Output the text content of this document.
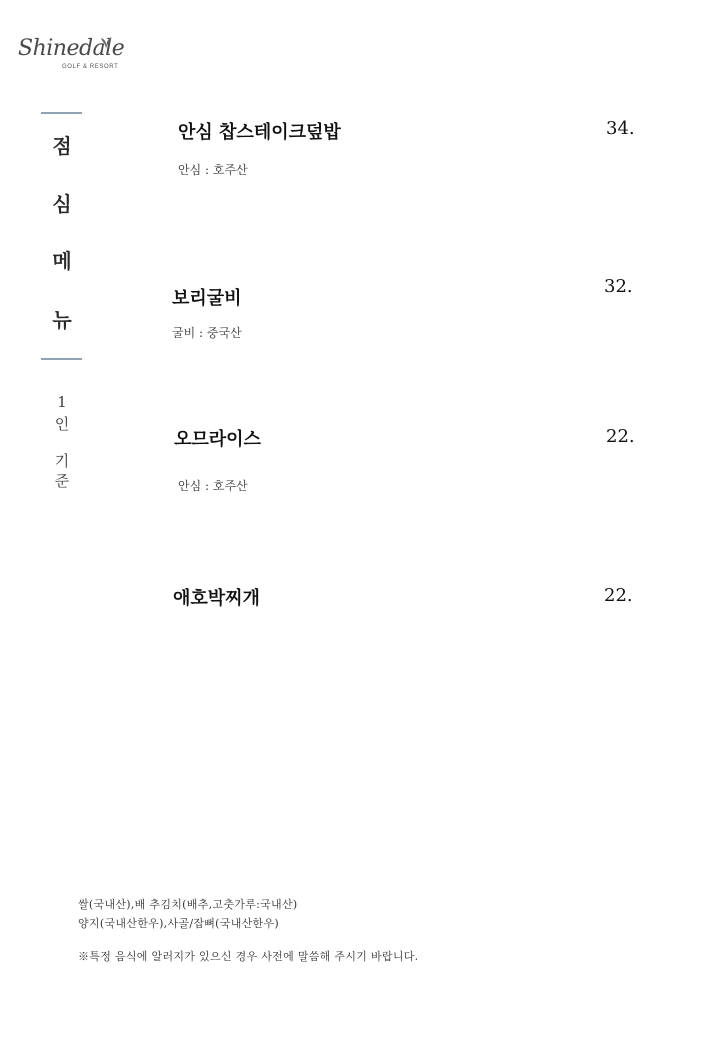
Shinedale
GOLF & RESORT
점
심
메
뉴
1
인
기
준
안심 찹스테이크덮밥
안심 : 호주산
34.
보리굴비
굴비 : 중국산
32.
오므라이스
안심 : 호주산
22.
애호박찌개	22.
쌀(국내산),배 추김치(배추,고춧가루:국내산)
양지(국내산한우),사골/잡뼈(국내산한우)
※특정 음식에 알러지가 있으신 경우 사전에 말씀해 주시기 바랍니다.
